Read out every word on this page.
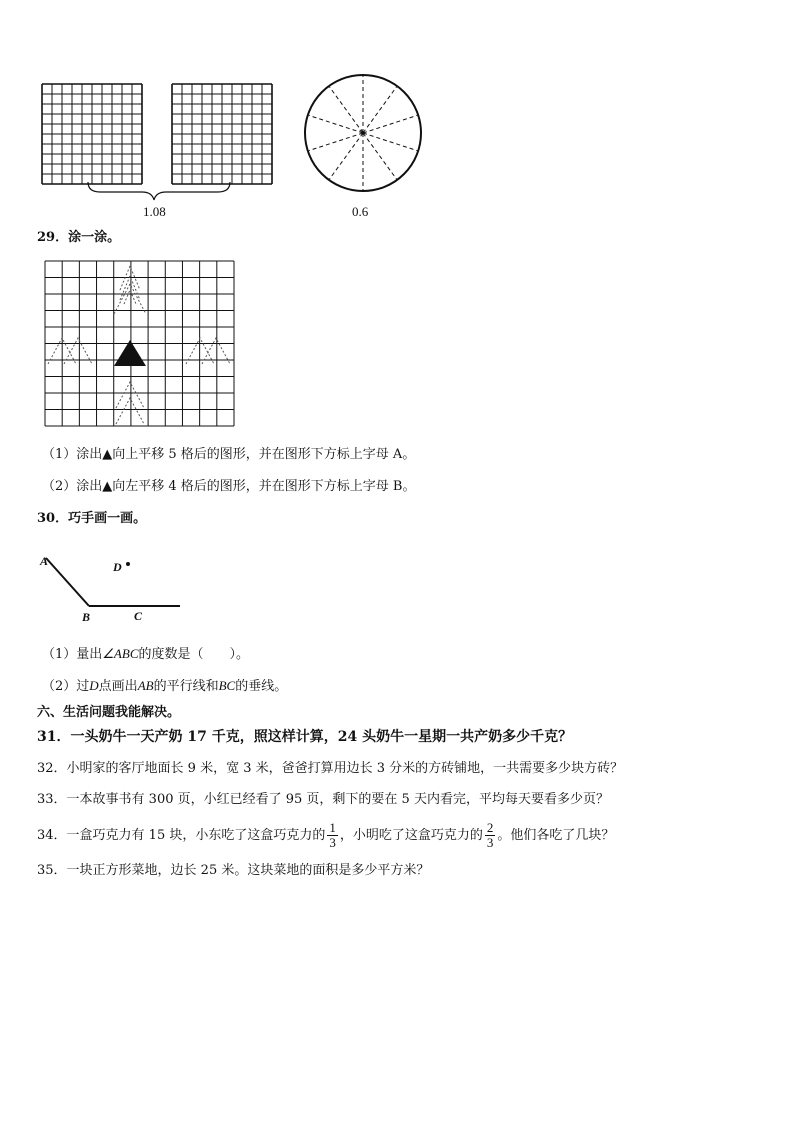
*
1.08	0.6
29．涂一涂。
（1）涂出▲向上平移 5 格后的图形，并在图形下方标上字母 A。
（2）涂出▲向左平移 4 格后的图形，并在图形下方标上字母 B。
30．巧手画一画。
A
B	C
D
（1）量出∠ABC的度数是（　　）。
（2）过D点画出AB的平行线和BC的垂线。
六、生活问题我能解决。
31．一头奶牛一天产奶 17 千克，照这样计算，24 头奶牛一星期一共产奶多少千克？
32．小明家的客厅地面长 9 米，宽 3 米，爸爸打算用边长 3 分米的方砖铺地，一共需要多少块方砖？
33．一本故事书有 300 页，小红已经看了 95 页，剩下的要在 5 天内看完，平均每天要看多少页？
34．一盒巧克力有 15 块，小东吃了这盒巧克力的 $\frac{1}{3}$ ，小明吃了这盒巧克力的 $\frac{2}{3}$ 。他们各吃了几块？
35．一块正方形菜地，边长 25 米。这块菜地的面积是多少平方米？
